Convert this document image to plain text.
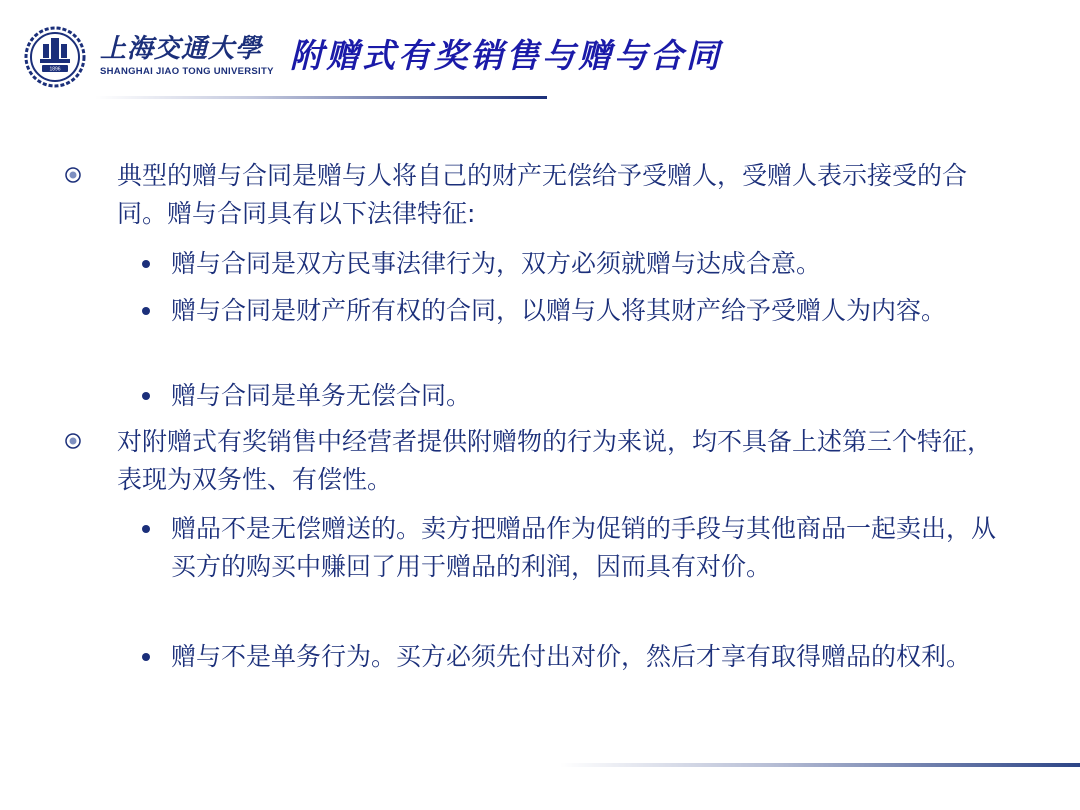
1896
上海交通大學
SHANGHAI JIAO TONG UNIVERSITY 附赠式有奖销售与赠与合同
典型的赠与合同是赠与人将自己的财产无偿给予受赠人，受赠人表示接受的合同。赠与合同具有以下法律特征:
赠与合同是双方民事法律行为，双方必须就赠与达成合意。
赠与合同是财产所有权的合同，以赠与人将其财产给予受赠人为内容。
赠与合同是单务无偿合同。
对附赠式有奖销售中经营者提供附赠物的行为来说，均不具备上述第三个特征，表现为双务性、有偿性。
赠品不是无偿赠送的。卖方把赠品作为促销的手段与其他商品一起卖出，从买方的购买中赚回了用于赠品的利润，因而具有对价。
赠与不是单务行为。买方必须先付出对价，然后才享有取得赠品的权利。
